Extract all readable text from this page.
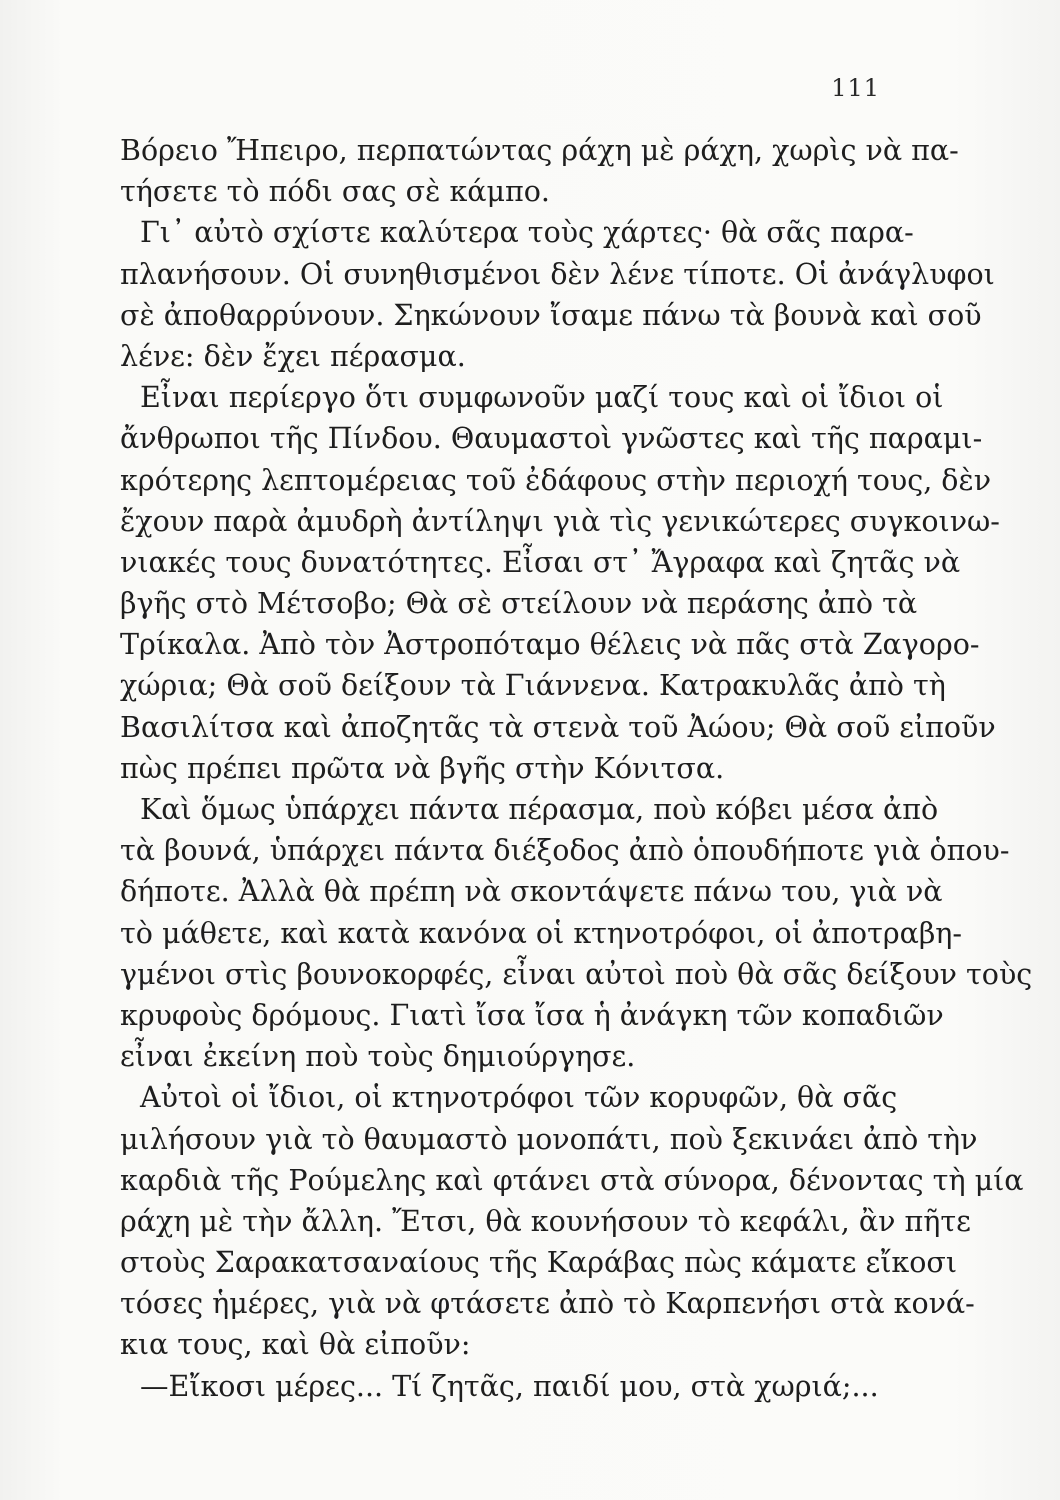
111
Βόρειο Ἤπειρο, περπατώντας ράχη μὲ ράχη, χωρὶς νὰ πα-
τήσετε τὸ πόδι σας σὲ κάμπο.
Γι᾽ αὐτὸ σχίστε καλύτερα τοὺς χάρτες· θὰ σᾶς παρα-
πλανήσουν. Οἱ συνηθισμένοι δὲν λένε τίποτε. Οἱ ἀνάγλυφοι
σὲ ἀποθαρρύνουν. Σηκώνουν ἴσαμε πάνω τὰ βουνὰ καὶ σοῦ
λένε: δὲν ἔχει πέρασμα.
Εἶναι περίεργο ὅτι συμφωνοῦν μαζί τους καὶ οἱ ἴδιοι οἱ
ἄνθρωποι τῆς Πίνδου. Θαυμαστοὶ γνῶστες καὶ τῆς παραμι-
κρότερης λεπτομέρειας τοῦ ἐδάφους στὴν περιοχή τους, δὲν
ἔχουν παρὰ ἀμυδρὴ ἀντίληψι γιὰ τὶς γενικώτερες συγκοινω-
νιακές τους δυνατότητες. Εἶσαι στ᾽ Ἄγραφα καὶ ζητᾶς νὰ
βγῆς στὸ Μέτσοβο; Θὰ σὲ στείλουν νὰ περάσης ἀπὸ τὰ
Τρίκαλα. Ἀπὸ τὸν Ἀστροπόταμο θέλεις νὰ πᾶς στὰ Ζαγορο-
χώρια; Θὰ σοῦ δείξουν τὰ Γιάννενα. Κατρακυλᾶς ἀπὸ τὴ
Βασιλίτσα καὶ ἀποζητᾶς τὰ στενὰ τοῦ Ἀώου; Θὰ σοῦ εἰποῦν
πὼς πρέπει πρῶτα νὰ βγῆς στὴν Κόνιτσα.
Καὶ ὅμως ὑπάρχει πάντα πέρασμα, ποὺ κόβει μέσα ἀπὸ
τὰ βουνά, ὑπάρχει πάντα διέξοδος ἀπὸ ὁπουδήποτε γιὰ ὁπου-
δήποτε. Ἀλλὰ θὰ πρέπη νὰ σκοντάψετε πάνω του, γιὰ νὰ
τὸ μάθετε, καὶ κατὰ κανόνα οἱ κτηνοτρόφοι, οἱ ἀποτραβη-
γμένοι στὶς βουνοκορφές, εἶναι αὐτοὶ ποὺ θὰ σᾶς δείξουν τοὺς
κρυφοὺς δρόμους. Γιατὶ ἴσα ἴσα ἡ ἀνάγκη τῶν κοπαδιῶν
εἶναι ἐκείνη ποὺ τοὺς δημιούργησε.
Αὐτοὶ οἱ ἴδιοι, οἱ κτηνοτρόφοι τῶν κορυφῶν, θὰ σᾶς
μιλήσουν γιὰ τὸ θαυμαστὸ μονοπάτι, ποὺ ξεκινάει ἀπὸ τὴν
καρδιὰ τῆς Ρούμελης καὶ φτάνει στὰ σύνορα, δένοντας τὴ μία
ράχη μὲ τὴν ἄλλη. Ἔτσι, θὰ κουνήσουν τὸ κεφάλι, ἂν πῆτε
στοὺς Σαρακατσαναίους τῆς Καράβας πὼς κάματε εἴκοσι
τόσες ἡμέρες, γιὰ νὰ φτάσετε ἀπὸ τὸ Καρπενήσι στὰ κονά-
κια τους, καὶ θὰ εἰποῦν:
—Εἴκοσι μέρες... Τί ζητᾶς, παιδί μου, στὰ χωριά;...
